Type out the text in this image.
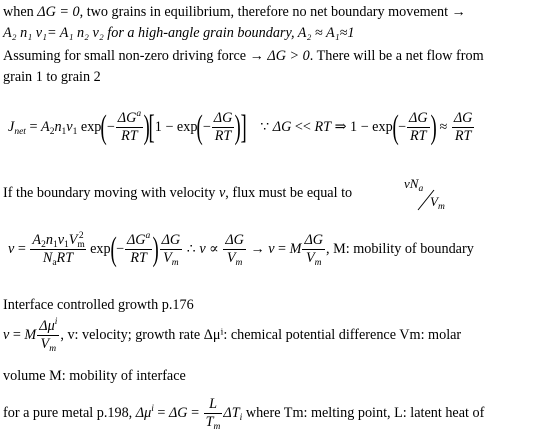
when ΔG = 0, two grains in equilibrium, therefore no net boundary movement →
A₂ n₁ v₁= A₁ n₂ v₂ for a high-angle grain boundary, A₂ ≈ A₁≈1
Assuming for small non-zero driving force → ΔG > 0. There will be a net flow from
grain 1 to grain 2
$J_{net} = A_2n_1v_1$ $\exp(- \frac{\Delta G^a}{RT} )[1 - \exp(- \frac{\Delta G}{RT}$ )]    ∵ ΔG << RT ⇒ $1 - \exp(- \frac{\Delta G}{RT}$ ) ≈ $\frac{\Delta G}{RT}$
If the boundary moving with velocity v, flux must be equal to
$vN_a$
$V_m$
$v = \frac{A_2n_1v_1V_m^2}{N_aRT} \exp(- \frac{\Delta G^a}{RT}$ ) $\frac{\Delta G}{V_m}$ ∴ $v \propto \frac{\Delta G}{V_m} \to v = M \frac{\Delta G}{V_m}$ , M: mobility of boundary
Interface controlled growth p.176
v = M $\frac{\Delta\mu^i}{V_m}$ , v: velocity; growth rate Δμⁱ: chemical potential difference Vm: molar
volume M: mobility of interface
for a pure metal p.198, $\Delta\mu^i = \Delta G = \frac{L}{T_m} \Delta T_i$ where Tm: melting point, L: latent heat of
